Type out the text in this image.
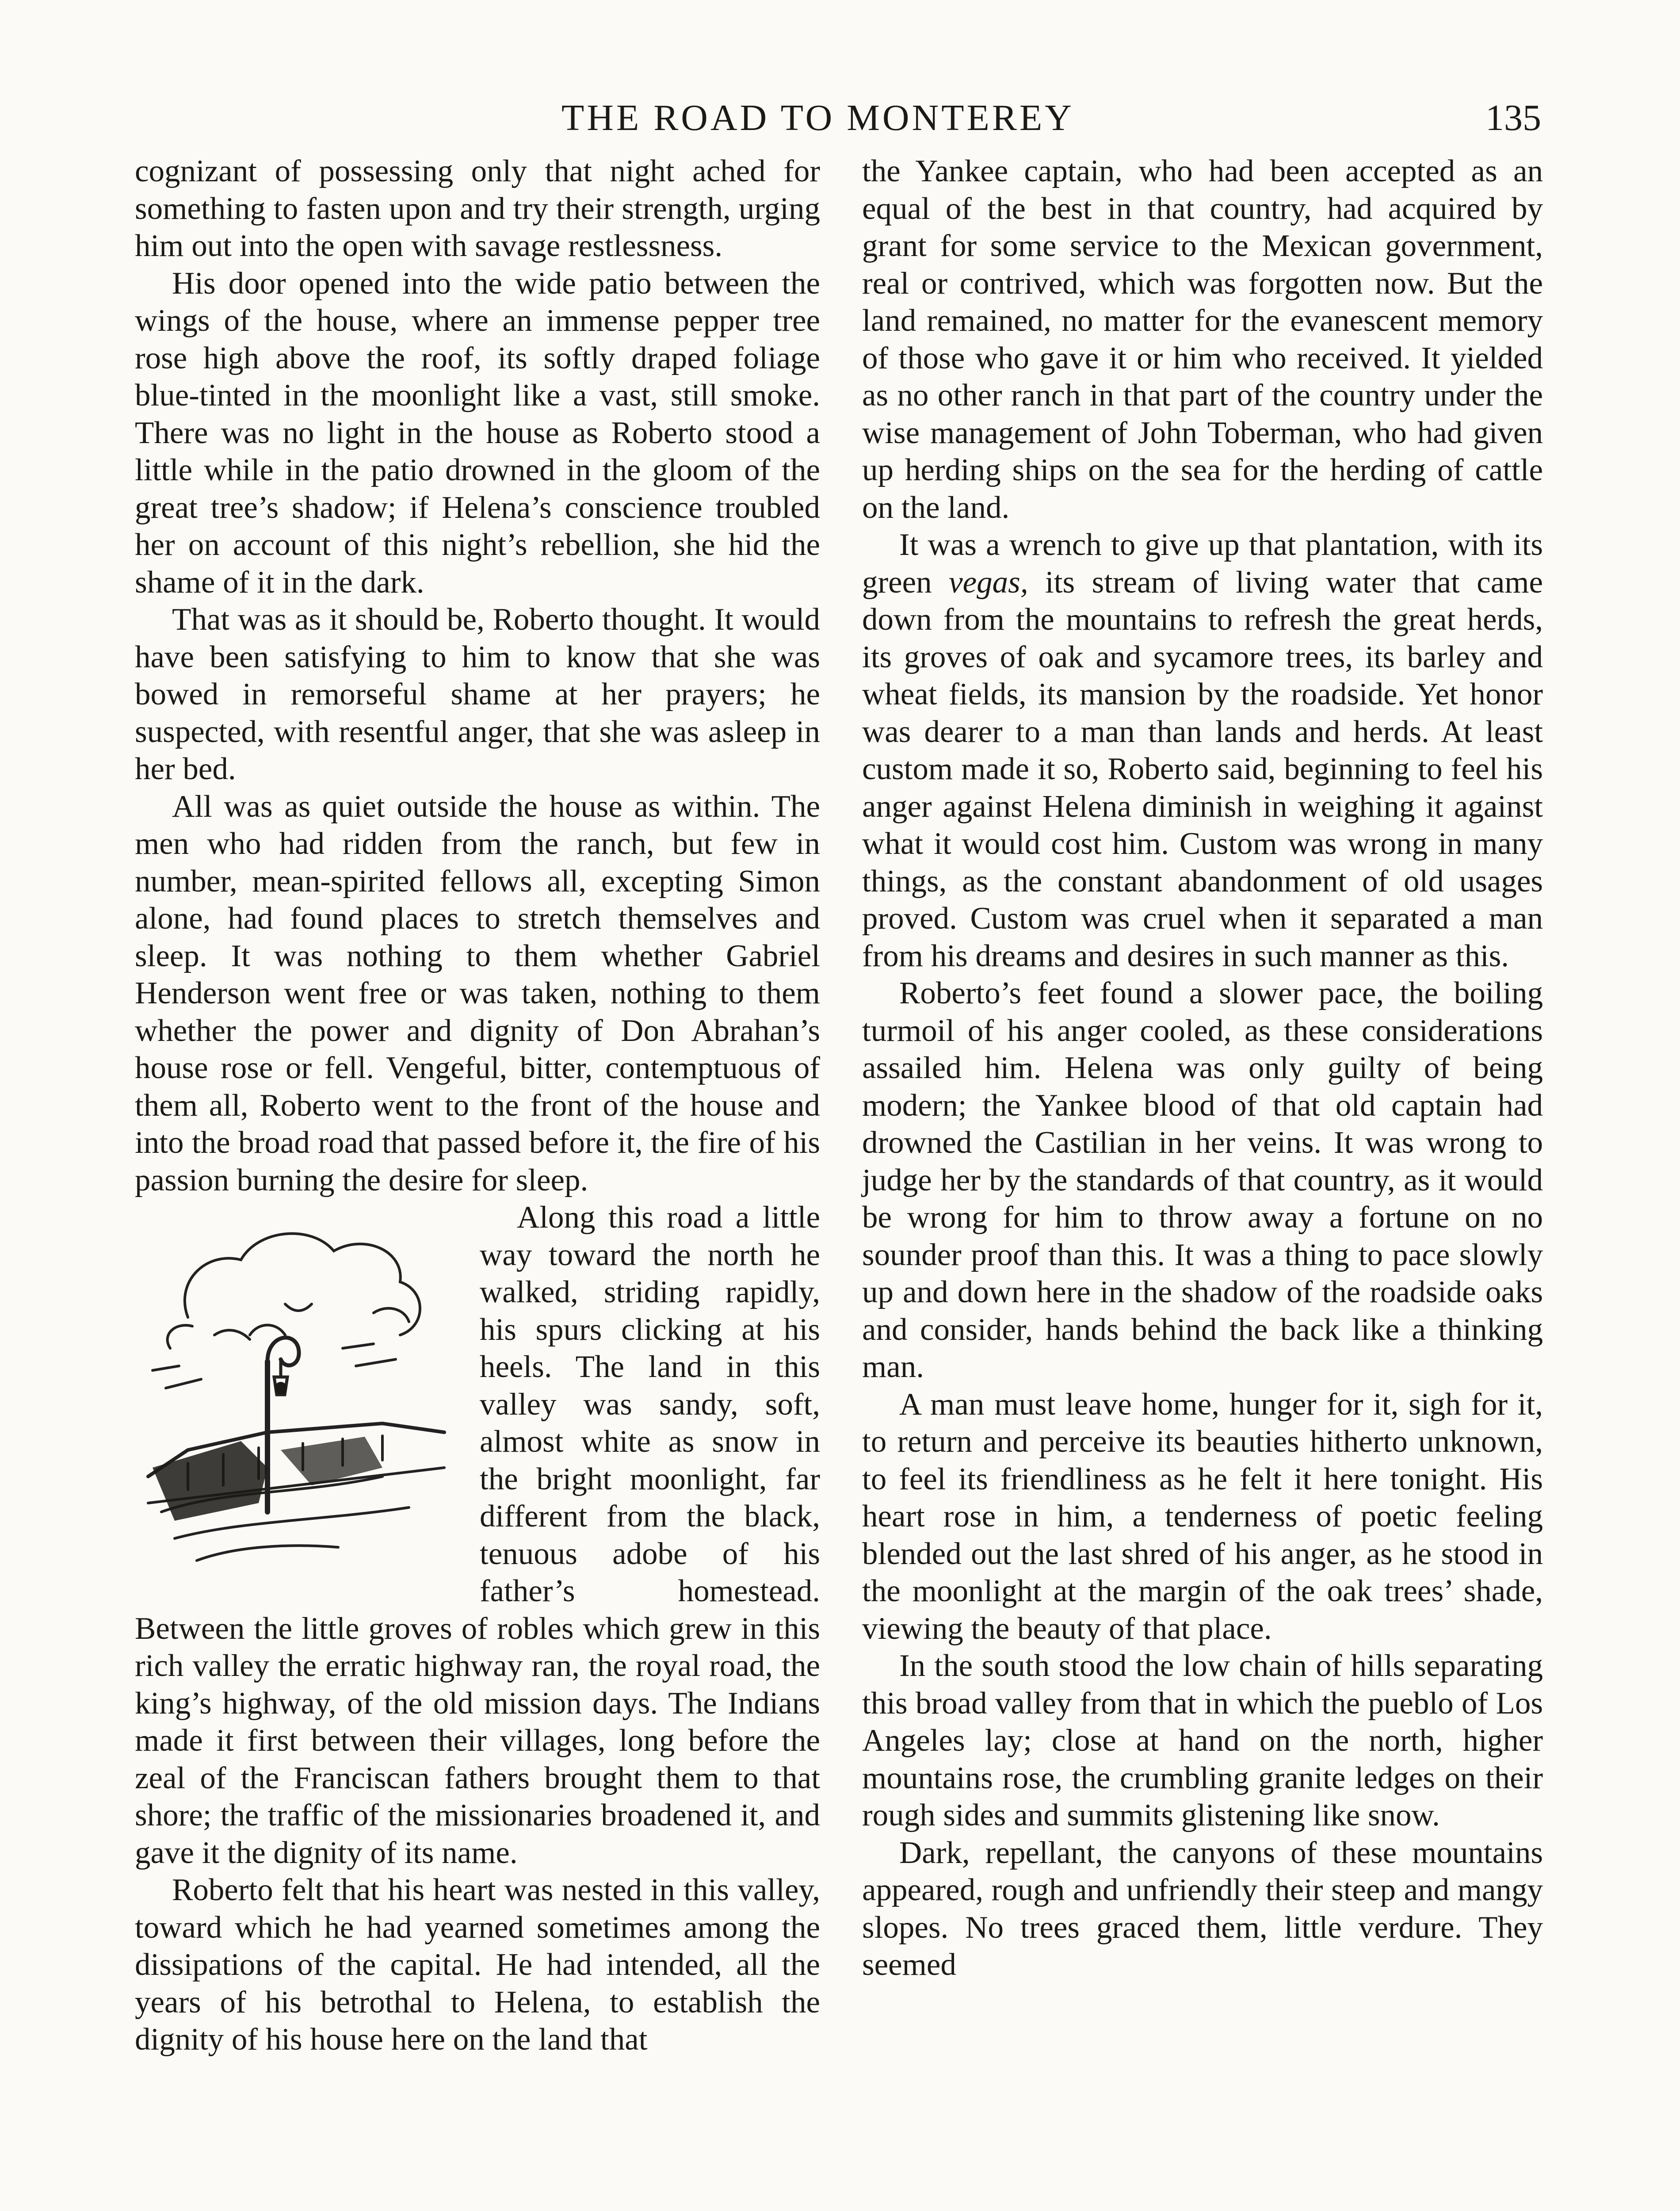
THE ROAD TO MONTEREY	135

cognizant of possessing only that night ached for something to fasten upon and try their strength, urging him out into the open with savage restlessness.

His door opened into the wide patio between the wings of the house, where an immense pepper tree rose high above the roof, its softly draped foliage blue-tinted in the moonlight like a vast, still smoke. There was no light in the house as Roberto stood a little while in the patio drowned in the gloom of the great tree’s shadow; if Helena’s conscience troubled her on account of this night’s rebellion, she hid the shame of it in the dark.

That was as it should be, Roberto thought. It would have been satisfying to him to know that she was bowed in remorseful shame at her prayers; he suspected, with resentful anger, that she was asleep in her bed.

All was as quiet outside the house as within. The men who had ridden from the ranch, but few in number, mean-spirited fellows all, excepting Simon alone, had found places to stretch themselves and sleep. It was nothing to them whether Gabriel Henderson went free or was taken, nothing to them whether the power and dignity of Don Abrahan’s house rose or fell. Vengeful, bitter, contemptuous of them all, Roberto went to the front of the house and into the broad road that passed before it, the fire of his passion burning the desire for sleep.

Along this road a little way toward the north he walked, striding rapidly, his spurs clicking at his heels. The land in this valley was sandy, soft, almost white as snow in the bright moonlight, far different from the black, tenuous adobe of his father’s homestead. Between the little groves of robles which grew in this rich valley the erratic highway ran, the royal road, the king’s highway, of the old mission days. The Indians made it first between their villages, long before the zeal of the Franciscan fathers brought them to that shore; the traffic of the missionaries broadened it, and gave it the dignity of its name.

Roberto felt that his heart was nested in this valley, toward which he had yearned sometimes among the dissipations of the capital. He had intended, all the years of his betrothal to Helena, to establish the dignity of his house here on the land that

the Yankee captain, who had been accepted as an equal of the best in that country, had acquired by grant for some service to the Mexican government, real or contrived, which was forgotten now. But the land remained, no matter for the evanescent memory of those who gave it or him who received. It yielded as no other ranch in that part of the country under the wise management of John Toberman, who had given up herding ships on the sea for the herding of cattle on the land.

It was a wrench to give up that plantation, with its green vegas, its stream of living water that came down from the mountains to refresh the great herds, its groves of oak and sycamore trees, its barley and wheat fields, its mansion by the roadside. Yet honor was dearer to a man than lands and herds. At least custom made it so, Roberto said, beginning to feel his anger against Helena diminish in weighing it against what it would cost him. Custom was wrong in many things, as the constant abandonment of old usages proved. Custom was cruel when it separated a man from his dreams and desires in such manner as this.

Roberto’s feet found a slower pace, the boiling turmoil of his anger cooled, as these considerations assailed him. Helena was only guilty of being modern; the Yankee blood of that old captain had drowned the Castilian in her veins. It was wrong to judge her by the standards of that country, as it would be wrong for him to throw away a fortune on no sounder proof than this. It was a thing to pace slowly up and down here in the shadow of the roadside oaks and consider, hands behind the back like a thinking man.

A man must leave home, hunger for it, sigh for it, to return and perceive its beauties hitherto unknown, to feel its friendliness as he felt it here tonight. His heart rose in him, a tenderness of poetic feeling blended out the last shred of his anger, as he stood in the moonlight at the margin of the oak trees’ shade, viewing the beauty of that place.

In the south stood the low chain of hills separating this broad valley from that in which the pueblo of Los Angeles lay; close at hand on the north, higher mountains rose, the crumbling granite ledges on their rough sides and summits glistening like snow.

Dark, repellant, the canyons of these mountains appeared, rough and unfriendly their steep and mangy slopes. No trees graced them, little verdure. They seemed
